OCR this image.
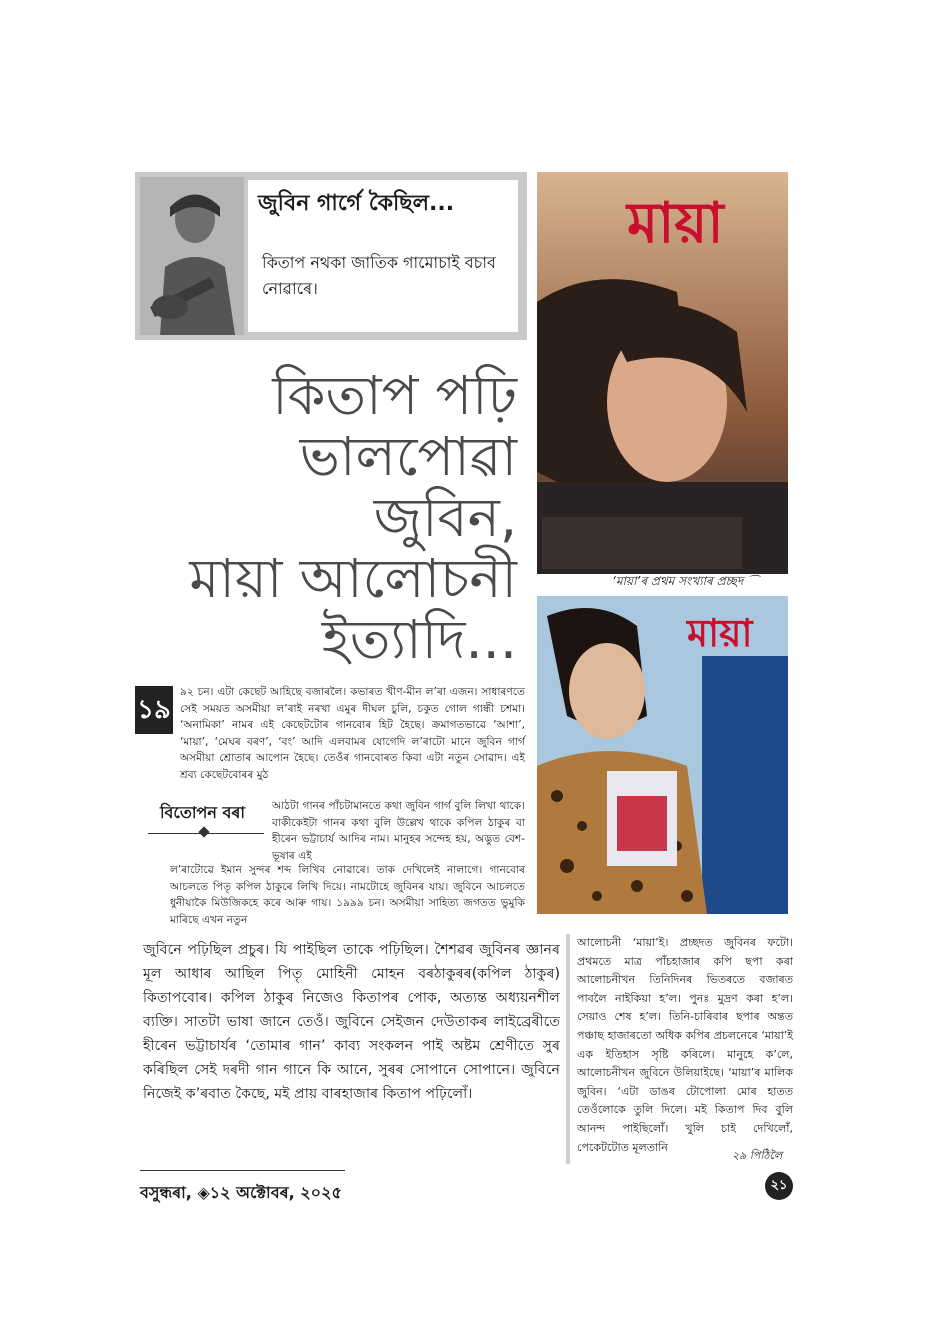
জুবিন গাৰ্গে কৈছিল...
কিতাপ নথকা জাতিক গামোচাই বচাব নোৱাৰে।
মায়া
‘মায়া’ৰ প্ৰথম সংখ্যাৰ প্ৰচ্ছদ ⌒
মায়া
কিতাপ পঢ়ি
ভালপোৱা জুবিন,
মায়া আলোচনী
ইত্যাদি...
১৯
৯২ চন। এটা কেছেট আহিছে বজাৰলৈ। কভাৰত খীণ-মীন ল’ৰা এজন। সাধাৰণতে সেই সময়ত অসমীয়া ল’ৰাই নৰখা এমুৰ দীঘল চুলি, চকুত গোল গান্ধী চশমা। ‘অনামিকা’ নামৰ এই কেছেটটোৰ গানবোৰ হিট হৈছে। ক্ৰমাগতভাৱে ‘আশা’, ‘মায়া’, ‘মেঘৰ বৰণ’, ‘বং’ আদি এলবামৰ যোগেদি ল’ৰাটো মানে জুবিন গাৰ্গ অসমীয়া শ্ৰোতাৰ আপোন হৈছে। তেওঁৰ গানবোৰত কিবা এটা নতুন সোৱাদ। এই শ্ৰব্য কেছেটবোৰৰ মুঠ
বিতোপন বৰা	আঠটা গানৰ পাঁচটামানতে কথা জুবিন গাৰ্গ বুলি লিখা থাকে। বাকীকেইটা গানৰ কথা বুলি উল্লেখ থাকে কপিল ঠাকুৰ বা হীৰেন ভট্টাচাৰ্য আদিৰ নাম। মানুহৰ সন্দেহ হয়, অদ্ভুত বেশ-ভূষাৰ এই
ল’ৰাটোৱে ইমান সুন্দৰ শব্দ লিখিব নোৱাৰে। তাক দেখিলেই নালাগে। গানবোৰ আচলতে পিতৃ কপিল ঠাকুৰে লিখি দিয়ে। নামটোহে জুবিনৰ যায়। জুবিনে আচলতে ধুনীয়াকৈ মিউজিকহে কৰে আৰু গায়। ১৯৯৯ চন। অসমীয়া সাহিত্য জগতত ভুমুকি মাৰিছে এখন নতুন
জুবিনে পঢ়িছিল প্ৰচুৰ। যি পাইছিল তাকে পঢ়িছিল। শৈশৱৰ জুবিনৰ জ্ঞানৰ মূল আধাৰ আছিল পিতৃ মোহিনী মোহন বৰঠাকুৰৰ(কপিল ঠাকুৰ) কিতাপবোৰ। কপিল ঠাকুৰ নিজেও কিতাপৰ পোক, অত্যন্ত অধ্যয়নশীল ব্যক্তি। সাতটা ভাষা জানে তেওঁ। জুবিনে সেইজন দেউতাকৰ লাইব্ৰেৰীতে হীৰেন ভট্টাচাৰ্যৰ ‘তোমাৰ গান’ কাব্য সংকলন পাই অষ্টম শ্ৰেণীতে সুৰ কৰিছিল সেই দৰদী গান গানে কি আনে, সুৰৰ সোপানে সোপানে। জুবিনে নিজেই ক’ৰবাত কৈছে, মই প্ৰায় বাৰহাজাৰ কিতাপ পঢ়িলোঁ।
আলোচনী ‘মায়া’ই। প্ৰচ্ছদত জুবিনৰ ফটো। প্ৰথমতে মাত্ৰ পাঁচহাজাৰ কপি ছপা কৰা আলোচনীখন তিনিদিনৰ ভিতৰতে বজাৰত পাবলৈ নাইকিয়া হ’ল। পুনঃ মুদ্ৰণ কৰা হ’ল। সেয়াও শেষ হ’ল। তিনি-চাৰিবাৰ ছপাৰ অন্তত পঞ্চাছ হাজাৰতো অধিক কপিৰ প্ৰচলনেৰে ‘মায়া’ই এক ইতিহাস সৃষ্টি কৰিলে। মানুহে ক’লে, আলোচনীখন জুবিনে উলিয়াইছে। ‘মায়া’ৰ মালিক জুবিন। ‘এটা ডাঙৰ টোপোলা মোৰ হাতত তেওঁলোকে তুলি দিলে। মই কিতাপ দিব বুলি আনন্দ পাইছিলোঁ। খুলি চাই দেখিলোঁ, পেকেটটোত মূলতানি
২৯ পিঠিলৈ
বসুন্ধৰা, ◈১২ অক্টোবৰ, ২০২৫	২১
